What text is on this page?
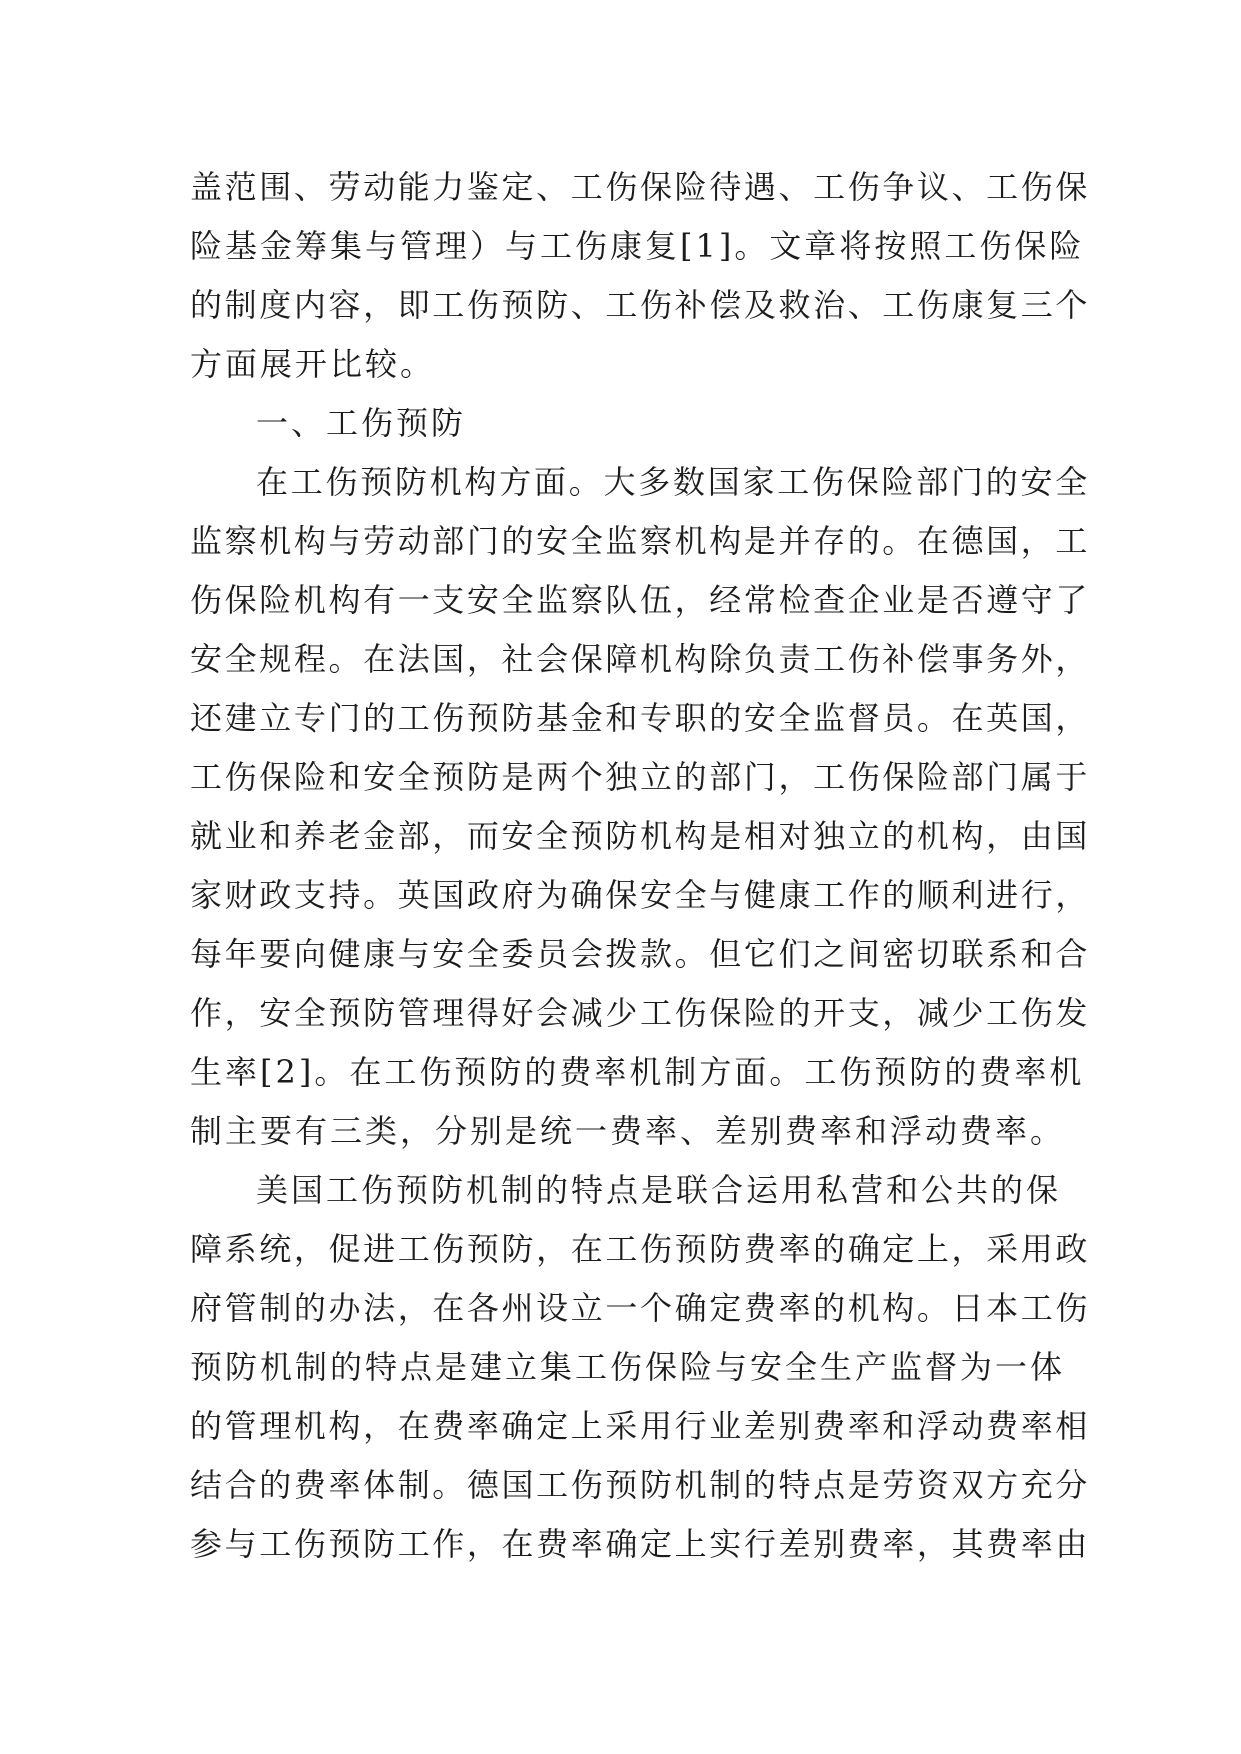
盖范围、劳动能力鉴定、工伤保险待遇、工伤争议、工伤保
险基金筹集与管理）与工伤康复[1]。文章将按照工伤保险
的制度内容，即工伤预防、工伤补偿及救治、工伤康复三个
方面展开比较。
一、工伤预防
在工伤预防机构方面。大多数国家工伤保险部门的安全
监察机构与劳动部门的安全监察机构是并存的。在德国，工
伤保险机构有一支安全监察队伍，经常检查企业是否遵守了
安全规程。在法国，社会保障机构除负责工伤补偿事务外，
还建立专门的工伤预防基金和专职的安全监督员。在英国，
工伤保险和安全预防是两个独立的部门，工伤保险部门属于
就业和养老金部，而安全预防机构是相对独立的机构，由国
家财政支持。英国政府为确保安全与健康工作的顺利进行，
每年要向健康与安全委员会拨款。但它们之间密切联系和合
作，安全预防管理得好会减少工伤保险的开支，减少工伤发
生率[2]。在工伤预防的费率机制方面。工伤预防的费率机
制主要有三类，分别是统一费率、差别费率和浮动费率。
美国工伤预防机制的特点是联合运用私营和公共的保
障系统，促进工伤预防，在工伤预防费率的确定上，采用政
府管制的办法，在各州设立一个确定费率的机构。日本工伤
预防机制的特点是建立集工伤保险与安全生产监督为一体
的管理机构，在费率确定上采用行业差别费率和浮动费率相
结合的费率体制。德国工伤预防机制的特点是劳资双方充分
参与工伤预防工作，在费率确定上实行差别费率，其费率由
